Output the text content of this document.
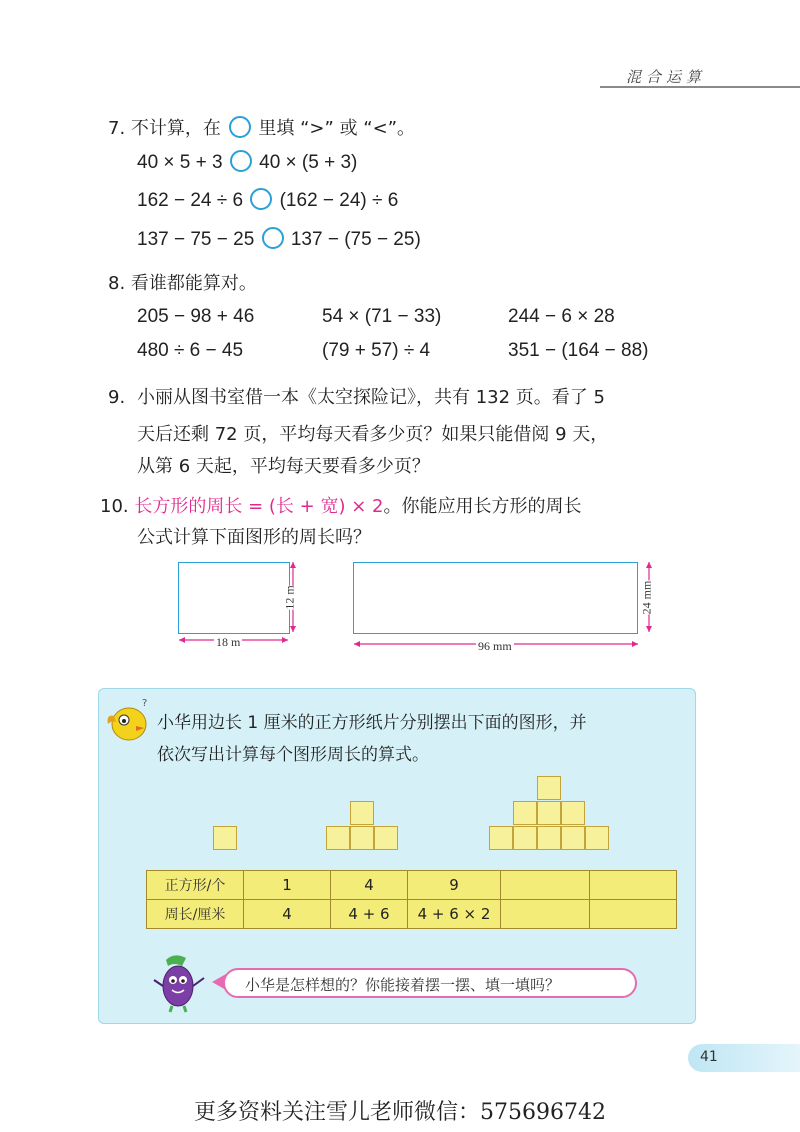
混合运算
7. 不计算，在 里填 “>” 或 “<”。
40 × 5 + 3 40 × (5 + 3)
162 − 24 ÷ 6 (162 − 24) ÷ 6
137 − 75 − 25 137 − (75 − 25)
8. 看谁都能算对。
205 − 98 + 46	54 × (71 − 33)	244 − 6 × 28
480 ÷ 6 − 45	(79 + 57) ÷ 4	351 − (164 − 88)
9. 小丽从图书室借一本《太空探险记》，共有 132 页。看了 5
天后还剩 72 页，平均每天看多少页？如果只能借阅 9 天，
从第 6 天起，平均每天要看多少页？
10. 长方形的周长 = (长 + 宽) × 2。你能应用长方形的周长
公式计算下面图形的周长吗？
18 m
12 m
96 mm
24 mm
?
小华用边长 1 厘米的正方形纸片分别摆出下面的图形，并
依次写出计算每个图形周长的算式。
正方形/个	1	4	9		
周长/厘米	4	4 + 6	4 + 6 × 2		
小华是怎样想的？你能接着摆一摆、填一填吗？
41
更多资料关注雪儿老师微信：575696742
